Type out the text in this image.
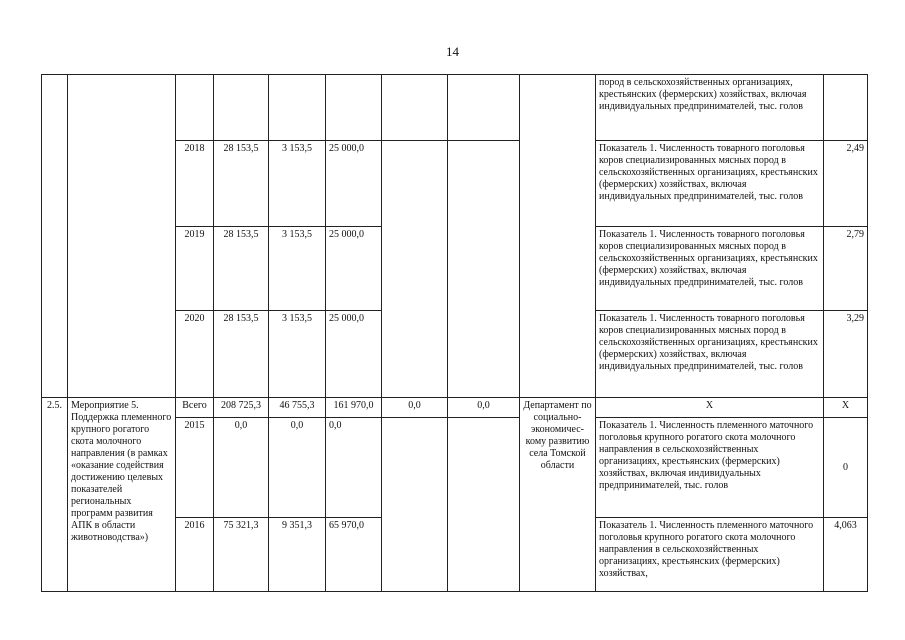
14
									пород в сельскохозяйственных организациях, крестьянских (фермерских) хозяйствах, включая индивидуальных предпринимателей, тыс. голов	
		2018	28 153,5	3 153,5	25 000,0				Показатель 1. Численность товарного поголовья коров специализированных мясных пород в сельскохозяйственных организациях, крестьянских (фермерских) хозяйствах, включая индивидуальных предпринимателей, тыс. голов	2,49
		2019	28 153,5	3 153,5	25 000,0				Показатель 1. Численность товарного поголовья коров специализированных мясных пород в сельскохозяйственных организациях, крестьянских (фермерских) хозяйствах, включая индивидуальных предпринимателей, тыс. голов	2,79
		2020	28 153,5	3 153,5	25 000,0				Показатель 1. Численность товарного поголовья коров специализированных мясных пород в сельскохозяйственных организациях, крестьянских (фермерских) хозяйствах, включая индивидуальных предпринимателей, тыс. голов	3,29
2.5.	Мероприятие 5. Поддержка племенного крупного рогатого скота молочного направления (в рамках «оказание содействия достижению целевых показателей региональных программ развития АПК в области животноводства»)	Всего	208 725,3	46 755,3	161 970,0	0,0	0,0	Департамент по социально-экономичес-кому развитию села Томской области	X	X
		2015	0,0	0,0	0,0				Показатель 1. Численность племенного маточного поголовья крупного рогатого скота молочного направления в сельскохозяйственных организациях, крестьянских (фермерских) хозяйствах, включая индивидуальных предпринимателей, тыс. голов	0
		2016	75 321,3	9 351,3	65 970,0				Показатель 1. Численность племенного маточного поголовья крупного рогатого скота молочного направления в сельскохозяйственных организациях, крестьянских (фермерских) хозяйствах,	4,063
